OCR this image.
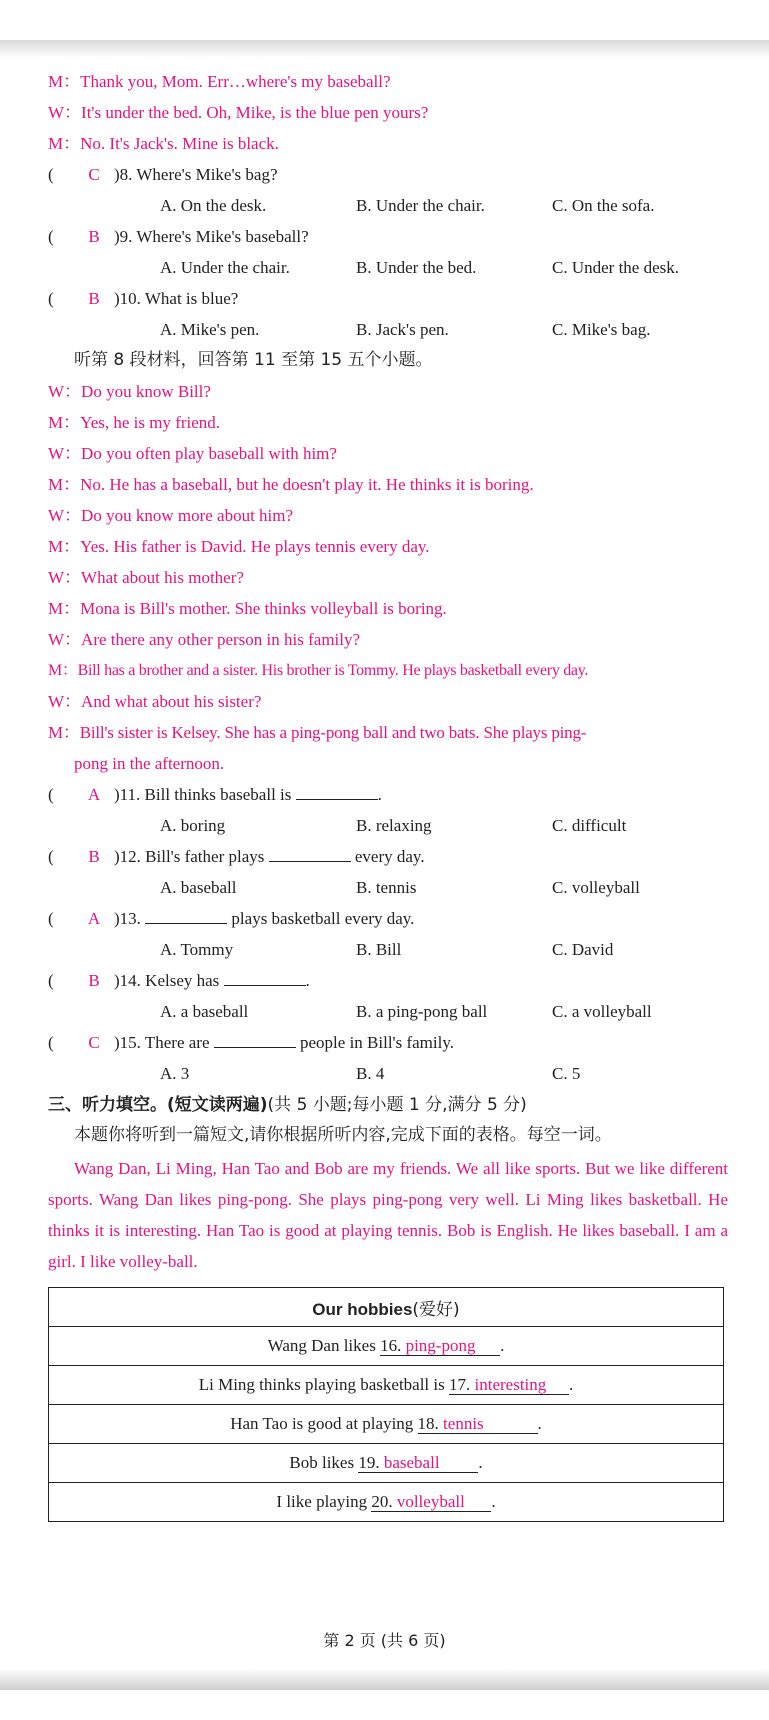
M：Thank you, Mom. Err…where's my baseball?
W：It's under the bed. Oh, Mike, is the blue pen yours?
M：No. It's Jack's. Mine is black.
( C )8. Where's Mike's bag?
A. On the desk.	B. Under the chair.	C. On the sofa.
( B )9. Where's Mike's baseball?
A. Under the chair.	B. Under the bed.	C. Under the desk.
( B )10. What is blue?
A. Mike's pen.	B. Jack's pen.	C. Mike's bag.
听第 8 段材料，回答第 11 至第 15 五个小题。
W：Do you know Bill?
M：Yes, he is my friend.
W：Do you often play baseball with him?
M：No. He has a baseball, but he doesn't play it. He thinks it is boring.
W：Do you know more about him?
M：Yes. His father is David. He plays tennis every day.
W：What about his mother?
M：Mona is Bill's mother. She thinks volleyball is boring.
W：Are there any other person in his family?
M：Bill has a brother and a sister. His brother is Tommy. He plays basketball every day.
W：And what about his sister?
M：Bill's sister is Kelsey. She has a ping-pong ball and two bats. She plays ping-
pong in the afternoon.
( A )11. Bill thinks baseball is	.
A. boring	B. relaxing	C. difficult
( B )12. Bill's father plays	every day.
A. baseball	B. tennis	C. volleyball
( A )13.	plays basketball every day.
A. Tommy	B. Bill	C. David
( B )14. Kelsey has	.
A. a baseball	B. a ping-pong ball	C. a volleyball
( C )15. There are	people in Bill's family.
A. 3	B. 4	C. 5
三、听力填空。(短文读两遍)(共 5 小题;每小题 1 分,满分 5 分)
本题你将听到一篇短文,请你根据所听内容,完成下面的表格。每空一词。
Wang Dan, Li Ming, Han Tao and Bob are my friends. We all like sports. But we like different sports. Wang Dan likes ping-pong. She plays ping-pong very well. Li Ming likes basketball. He thinks it is interesting. Han Tao is good at playing tennis. Bob is English. He likes baseball. I am a girl. I like volley-ball.
Our hobbies(爱好)
Wang Dan likes 16. ping-pong .
Li Ming thinks playing basketball is 17. interesting .
Han Tao is good at playing 18. tennis	.
Bob likes 19. baseball .
I like playing 20. volleyball .
第 2 页 (共 6 页)
